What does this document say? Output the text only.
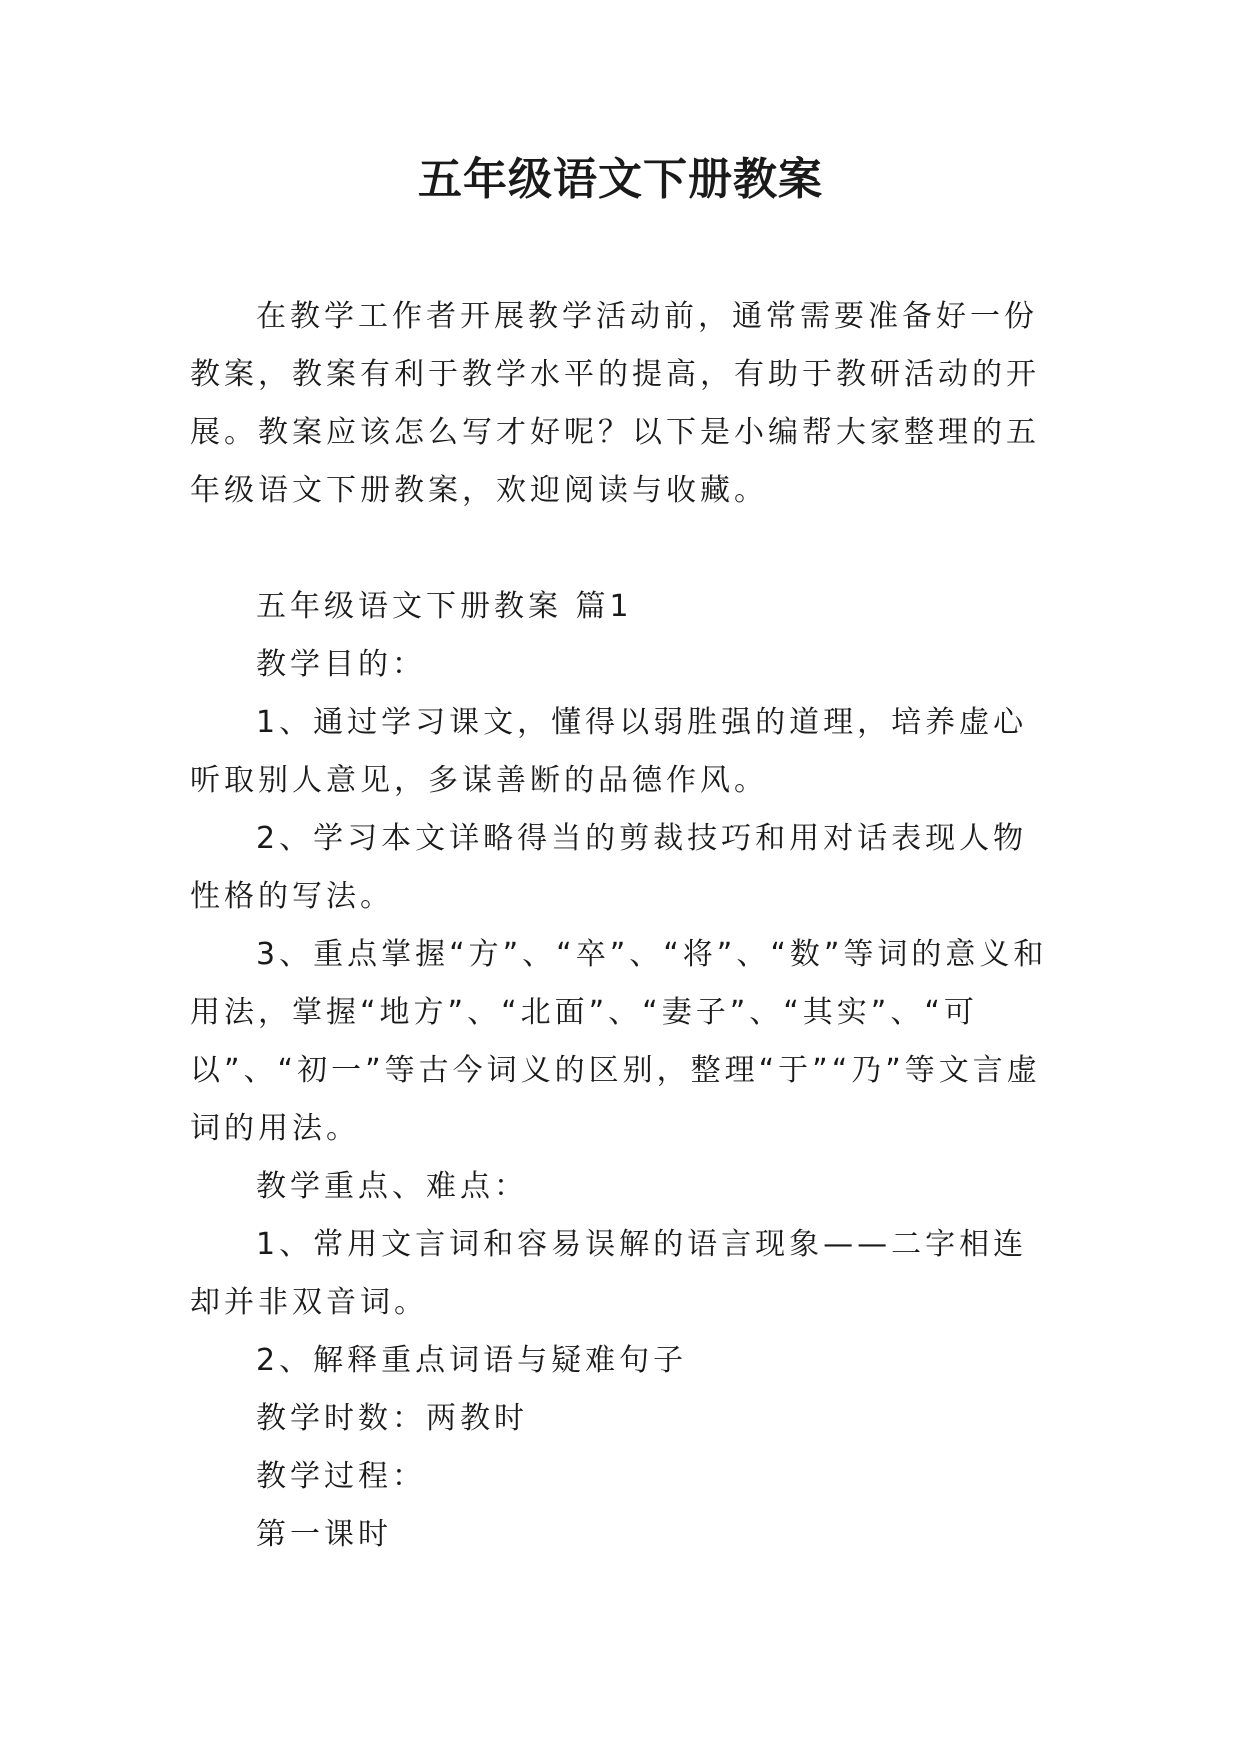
五年级语文下册教案

在教学工作者开展教学活动前，通常需要准备好一份教案，教案有利于教学水平的提高，有助于教研活动的开展。教案应该怎么写才好呢？以下是小编帮大家整理的五年级语文下册教案，欢迎阅读与收藏。

五年级语文下册教案 篇1

教学目的：

1、通过学习课文，懂得以弱胜强的道理，培养虚心听取别人意见，多谋善断的品德作风。

2、学习本文详略得当的剪裁技巧和用对话表现人物性格的写法。

3、重点掌握“方”、“卒”、“将”、“数”等词的意义和用法，掌握“地方”、“北面”、“妻子”、“其实”、“可以”、“初一”等古今词义的区别，整理“于”“乃”等文言虚词的用法。

教学重点、难点：

1、常用文言词和容易误解的语言现象——二字相连却并非双音词。

2、解释重点词语与疑难句子

教学时数：两教时

教学过程：

第一课时
